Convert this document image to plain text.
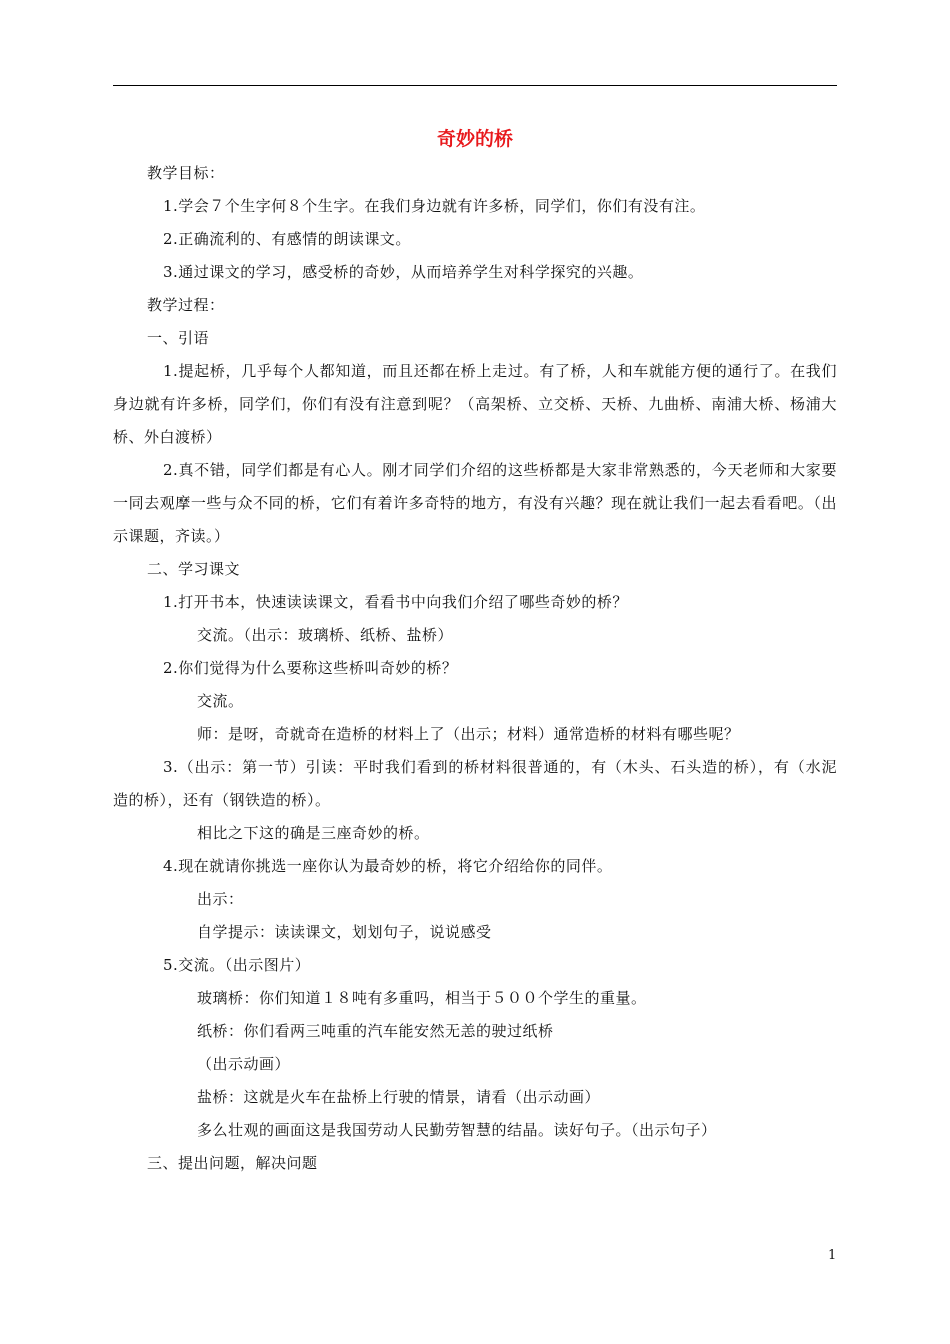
奇妙的桥

教学目标：

1.学会７个生字何８个生字。在我们身边就有许多桥，同学们，你们有没有注。

2.正确流利的、有感情的朗读课文。

3.通过课文的学习，感受桥的奇妙，从而培养学生对科学探究的兴趣。

教学过程：

一、引语

1.提起桥，几乎每个人都知道，而且还都在桥上走过。有了桥，人和车就能方便的通行了。在我们身边就有许多桥，同学们，你们有没有注意到呢？（高架桥、立交桥、天桥、九曲桥、南浦大桥、杨浦大桥、外白渡桥）

2.真不错，同学们都是有心人。刚才同学们介绍的这些桥都是大家非常熟悉的，今天老师和大家要一同去观摩一些与众不同的桥，它们有着许多奇特的地方，有没有兴趣？现在就让我们一起去看看吧。（出示课题，齐读。）

二、学习课文

1.打开书本，快速读读课文，看看书中向我们介绍了哪些奇妙的桥？

交流。（出示：玻璃桥、纸桥、盐桥）

2.你们觉得为什么要称这些桥叫奇妙的桥？

交流。

师：是呀，奇就奇在造桥的材料上了（出示；材料）通常造桥的材料有哪些呢？

3.（出示：第一节）引读：平时我们看到的桥材料很普通的，有（木头、石头造的桥），有（水泥造的桥），还有（钢铁造的桥）。

相比之下这的确是三座奇妙的桥。

4.现在就请你挑选一座你认为最奇妙的桥，将它介绍给你的同伴。

出示：

自学提示：读读课文，划划句子，说说感受

5.交流。（出示图片）

玻璃桥：你们知道１８吨有多重吗，相当于５００个学生的重量。

纸桥：你们看两三吨重的汽车能安然无恙的驶过纸桥

（出示动画）

盐桥：这就是火车在盐桥上行驶的情景，请看（出示动画）

多么壮观的画面这是我国劳动人民勤劳智慧的结晶。读好句子。（出示句子）

三、提出问题，解决问题

1
